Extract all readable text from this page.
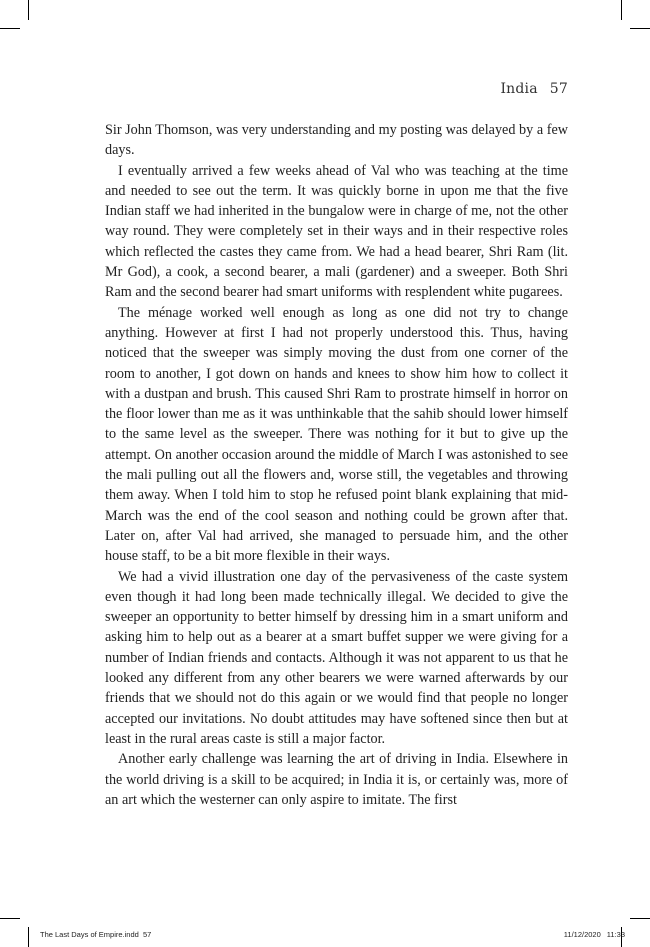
India 57

Sir John Thomson, was very understanding and my posting was delayed by a few days.

I eventually arrived a few weeks ahead of Val who was teaching at the time and needed to see out the term. It was quickly borne in upon me that the five Indian staff we had inherited in the bungalow were in charge of me, not the other way round. They were completely set in their ways and in their respective roles which reflected the castes they came from. We had a head bearer, Shri Ram (lit. Mr God), a cook, a second bearer, a mali (gardener) and a sweeper. Both Shri Ram and the second bearer had smart uniforms with resplendent white pugarees.

The ménage worked well enough as long as one did not try to change anything. However at first I had not properly understood this. Thus, having noticed that the sweeper was simply moving the dust from one corner of the room to another, I got down on hands and knees to show him how to collect it with a dustpan and brush. This caused Shri Ram to prostrate himself in horror on the floor lower than me as it was unthinkable that the sahib should lower himself to the same level as the sweeper. There was nothing for it but to give up the attempt. On another occasion around the middle of March I was astonished to see the mali pulling out all the flowers and, worse still, the vegetables and throwing them away. When I told him to stop he refused point blank explaining that mid-March was the end of the cool season and nothing could be grown after that. Later on, after Val had arrived, she managed to persuade him, and the other house staff, to be a bit more flexible in their ways.

We had a vivid illustration one day of the pervasiveness of the caste system even though it had long been made technically illegal. We decided to give the sweeper an opportunity to better himself by dressing him in a smart uniform and asking him to help out as a bearer at a smart buffet supper we were giving for a number of Indian friends and contacts. Although it was not apparent to us that he looked any different from any other bearers we were warned afterwards by our friends that we should not do this again or we would find that people no longer accepted our invitations. No doubt attitudes may have softened since then but at least in the rural areas caste is still a major factor.

Another early challenge was learning the art of driving in India. Elsewhere in the world driving is a skill to be acquired; in India it is, or certainly was, more of an art which the westerner can only aspire to imitate. The first

The Last Days of Empire.indd 57	11/12/2020 11:33
